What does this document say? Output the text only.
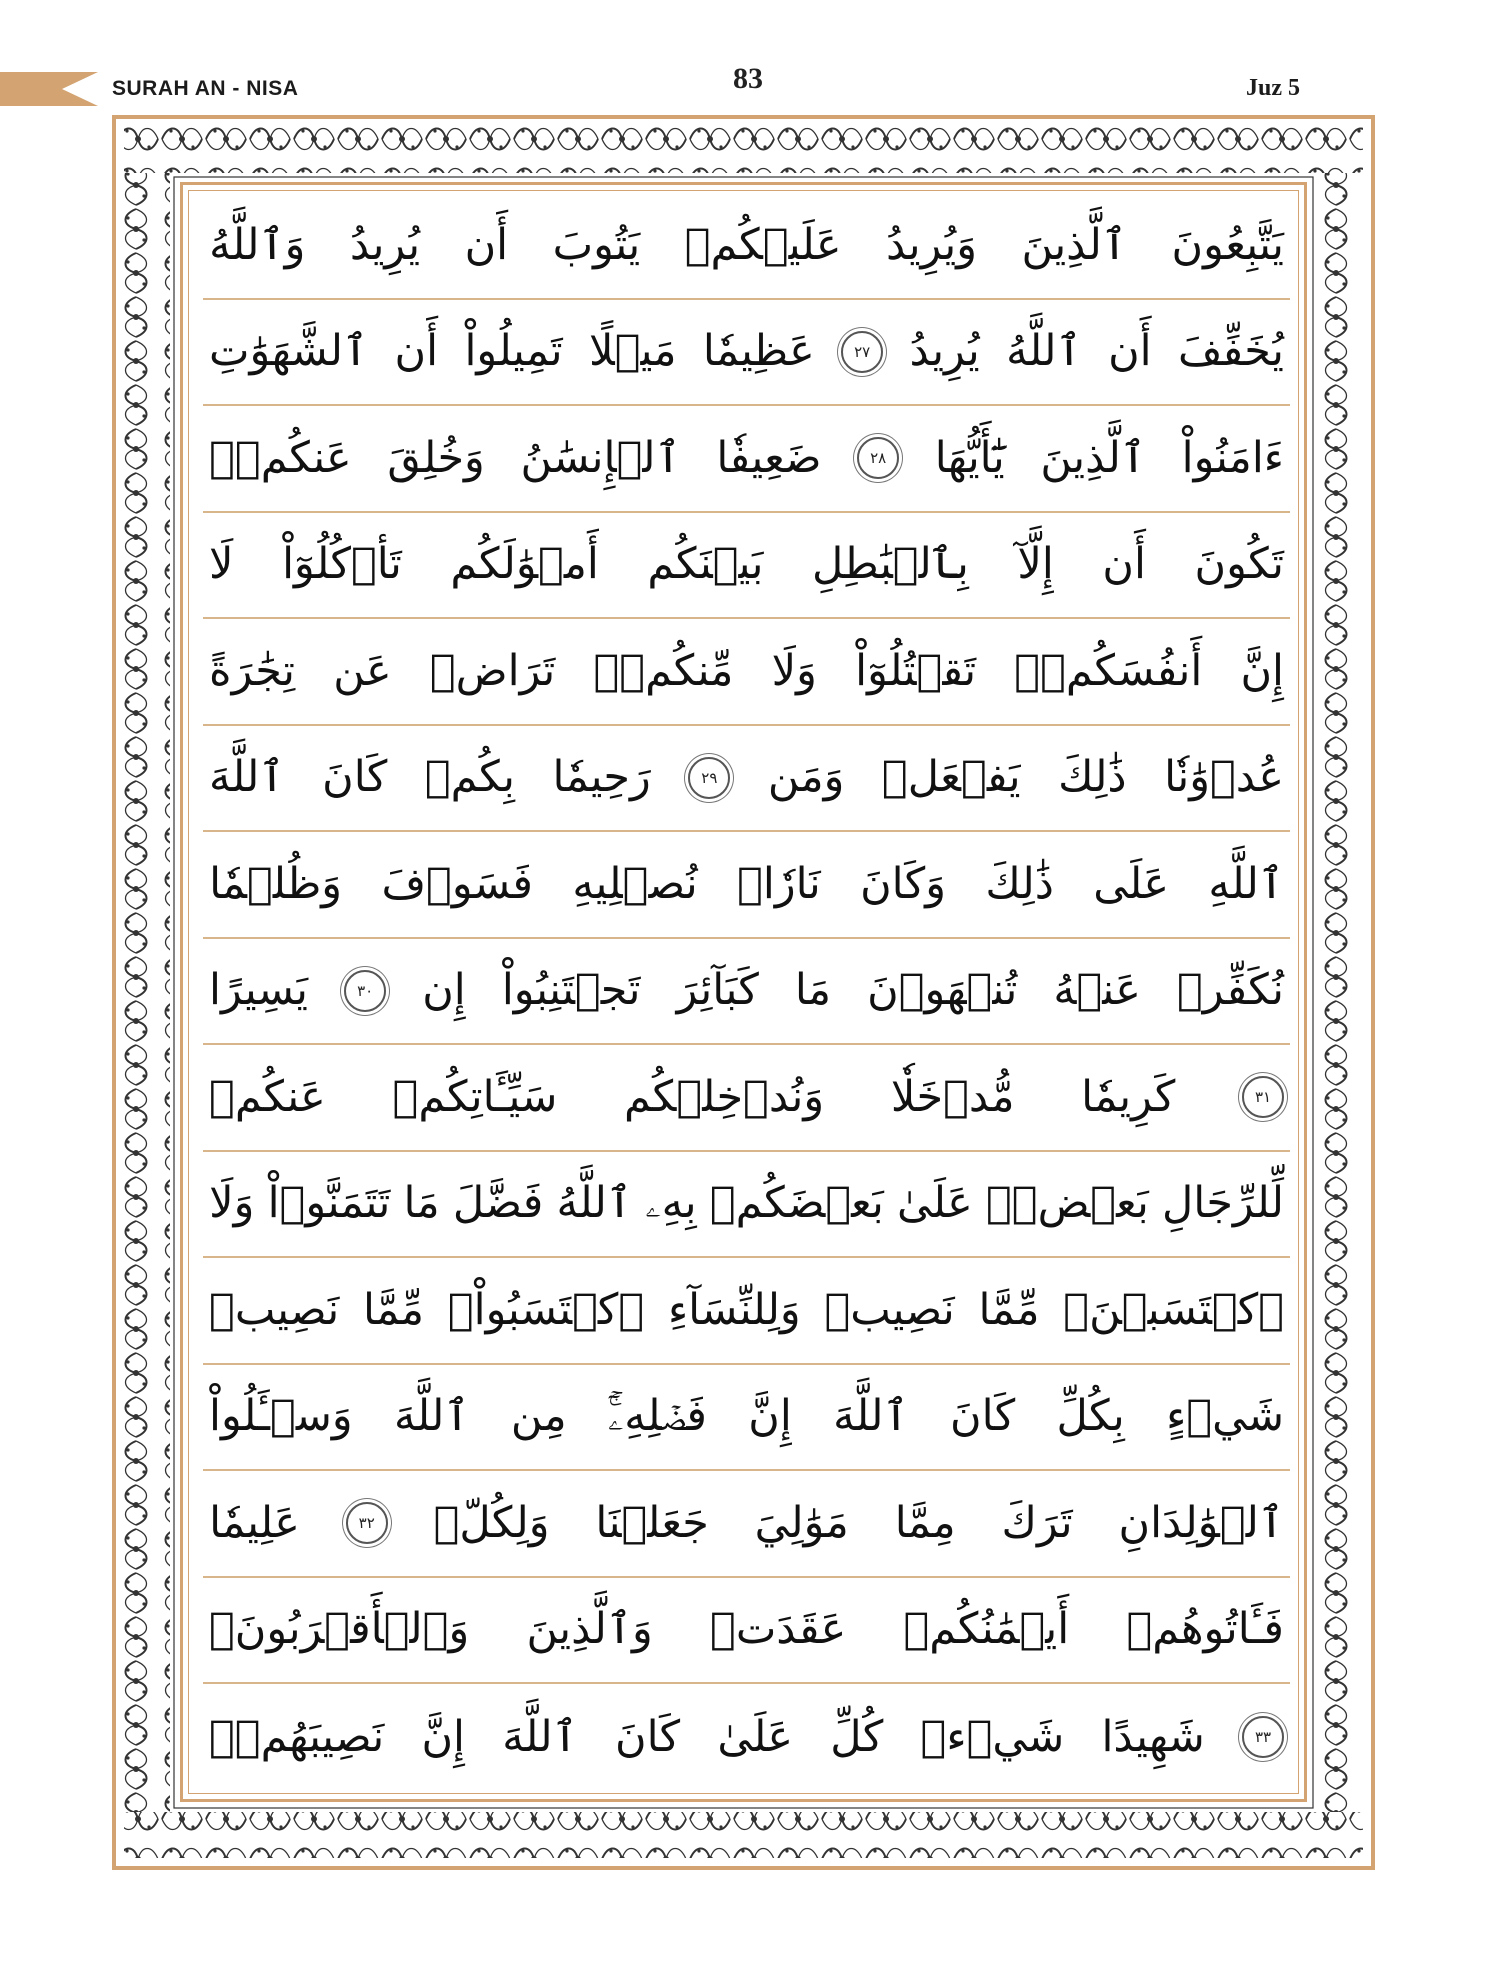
SURAH AN - NISA	83	Juz 5
وَٱللَّهُ يُرِيدُ أَن يَتُوبَ عَلَيۡكُمۡ وَيُرِيدُ ٱلَّذِينَ يَتَّبِعُونَ
ٱلشَّهَوَٰتِ أَن تَمِيلُواْ مَيۡلًا عَظِيمٗا	٢٧ يُرِيدُ ٱللَّهُ أَن يُخَفِّفَ
عَنكُمۡۚ وَخُلِقَ ٱلۡإِنسَٰنُ ضَعِيفٗا	٢٨	يَٰٓأَيُّهَا ٱلَّذِينَ ءَامَنُواْ
لَا تَأۡكُلُوٓاْ أَمۡوَٰلَكُم بَيۡنَكُم بِٱلۡبَٰطِلِ إِلَّآ أَن تَكُونَ
تِجَٰرَةً عَن تَرَاضٖ مِّنكُمۡۚ وَلَا تَقۡتُلُوٓاْ أَنفُسَكُمۡۚ إِنَّ
ٱللَّهَ كَانَ بِكُمۡ رَحِيمٗا	٢٩	وَمَن يَفۡعَلۡ ذَٰلِكَ عُدۡوَٰنٗا
وَظُلۡمٗا فَسَوۡفَ نُصۡلِيهِ نَارٗاۚ وَكَانَ ذَٰلِكَ عَلَى ٱللَّهِ
يَسِيرًا	٣٠	إِن تَجۡتَنِبُواْ كَبَآئِرَ مَا تُنۡهَوۡنَ عَنۡهُ نُكَفِّرۡ
عَنكُمۡ سَيِّـَٔاتِكُمۡ وَنُدۡخِلۡكُم مُّدۡخَلٗا كَرِيمٗا	٣١
وَلَا تَتَمَنَّوۡاْ مَا فَضَّلَ ٱللَّهُ بِهِۦ بَعۡضَكُمۡ عَلَىٰ بَعۡضٖۚ لِّلرِّجَالِ
نَصِيبٞ مِّمَّا ٱكۡتَسَبُواْۖ وَلِلنِّسَآءِ نَصِيبٞ مِّمَّا ٱكۡتَسَبۡنَۚ
وَسۡـَٔلُواْ ٱللَّهَ مِن فَضۡلِهِۦٓۚ إِنَّ ٱللَّهَ كَانَ بِكُلِّ شَيۡءٍ
عَلِيمٗا	٣٢	وَلِكُلّٖ جَعَلۡنَا مَوَٰلِيَ مِمَّا تَرَكَ ٱلۡوَٰلِدَانِ
وَٱلۡأَقۡرَبُونَۚ وَٱلَّذِينَ عَقَدَتۡ أَيۡمَٰنُكُمۡ فَـَٔاتُوهُمۡ
نَصِيبَهُمۡۚ إِنَّ ٱللَّهَ كَانَ عَلَىٰ كُلِّ شَيۡءٖ شَهِيدًا	٣٣
